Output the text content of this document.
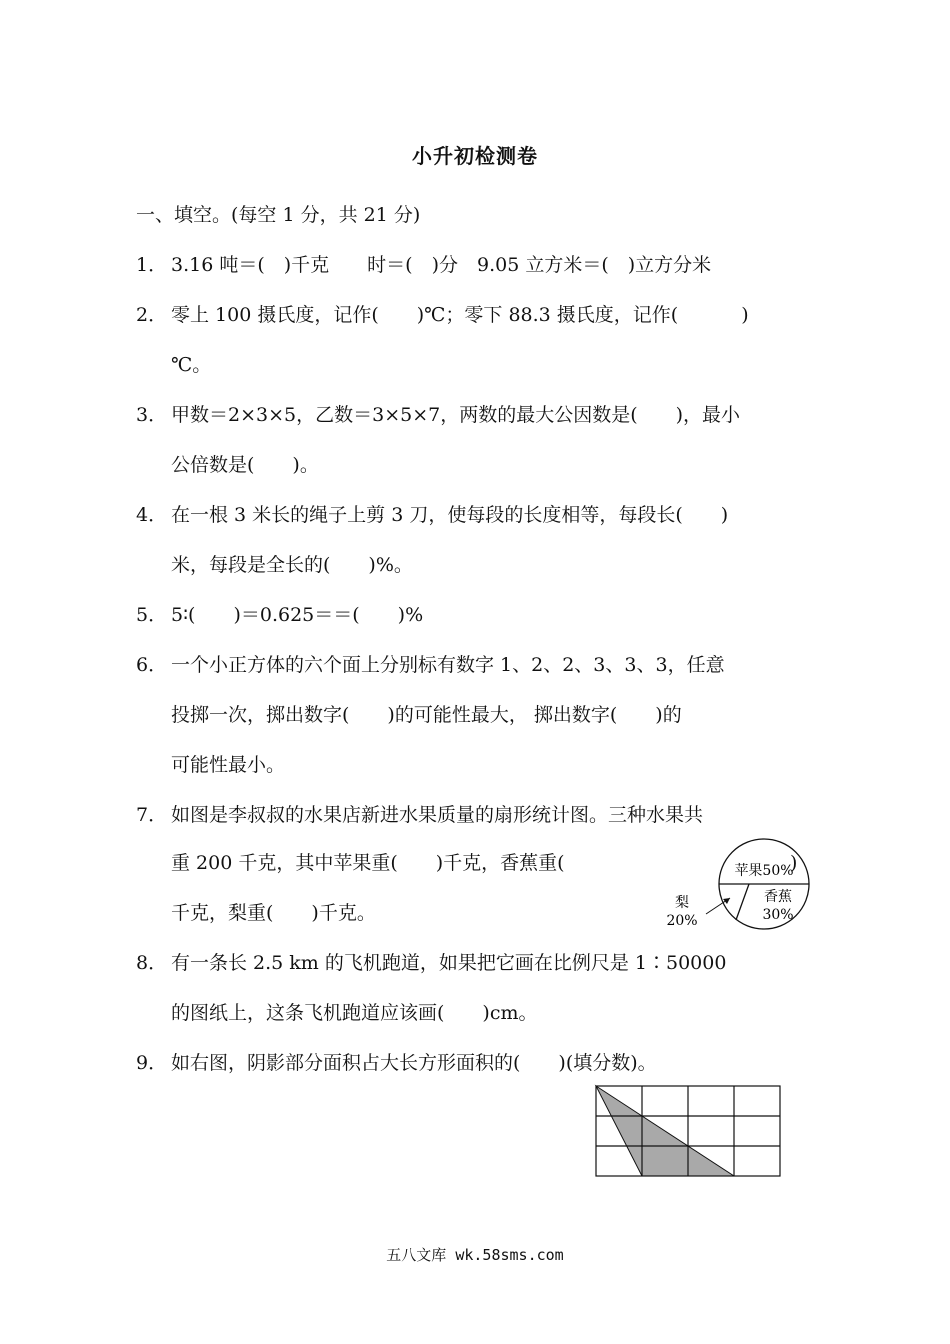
小升初检测卷
一、填空。(每空 1 分，共 21 分)
1． 3.16 吨＝(　)千克　　时＝(　)分　9.05 立方米＝(　)立方分米
2． 零上 100 摄氏度，记作(　　)℃；零下 88.3 摄氏度，记作(　　　 )
℃。
3． 甲数＝2×3×5，乙数＝3×5×7，两数的最大公因数是(　　)，最小
公倍数是(　　)。
4． 在一根 3 米长的绳子上剪 3 刀，使每段的长度相等，每段长(　　)
米，每段是全长的(　　)%。
5． 5∶(　　)＝0.625＝＝(　　)%
6． 一个小正方体的六个面上分别标有数字 1、2、2、3、3、3，任意
投掷一次，掷出数字(　　)的可能性最大， 掷出数字(　　)的
可能性最小。
7． 如图是李叔叔的水果店新进水果质量的扇形统计图。三种水果共
重 200 千克，其中苹果重(　　)千克，香蕉重(	)
千克，梨重(　　)千克。
苹果50%
香蕉
30%
梨
20%
8． 有一条长 2.5 km 的飞机跑道，如果把它画在比例尺是 1∶50000
的图纸上，这条飞机跑道应该画(　　)cm。
9． 如右图，阴影部分面积占大长方形面积的(　　)(填分数)。
五八文库 wk.58sms.com
